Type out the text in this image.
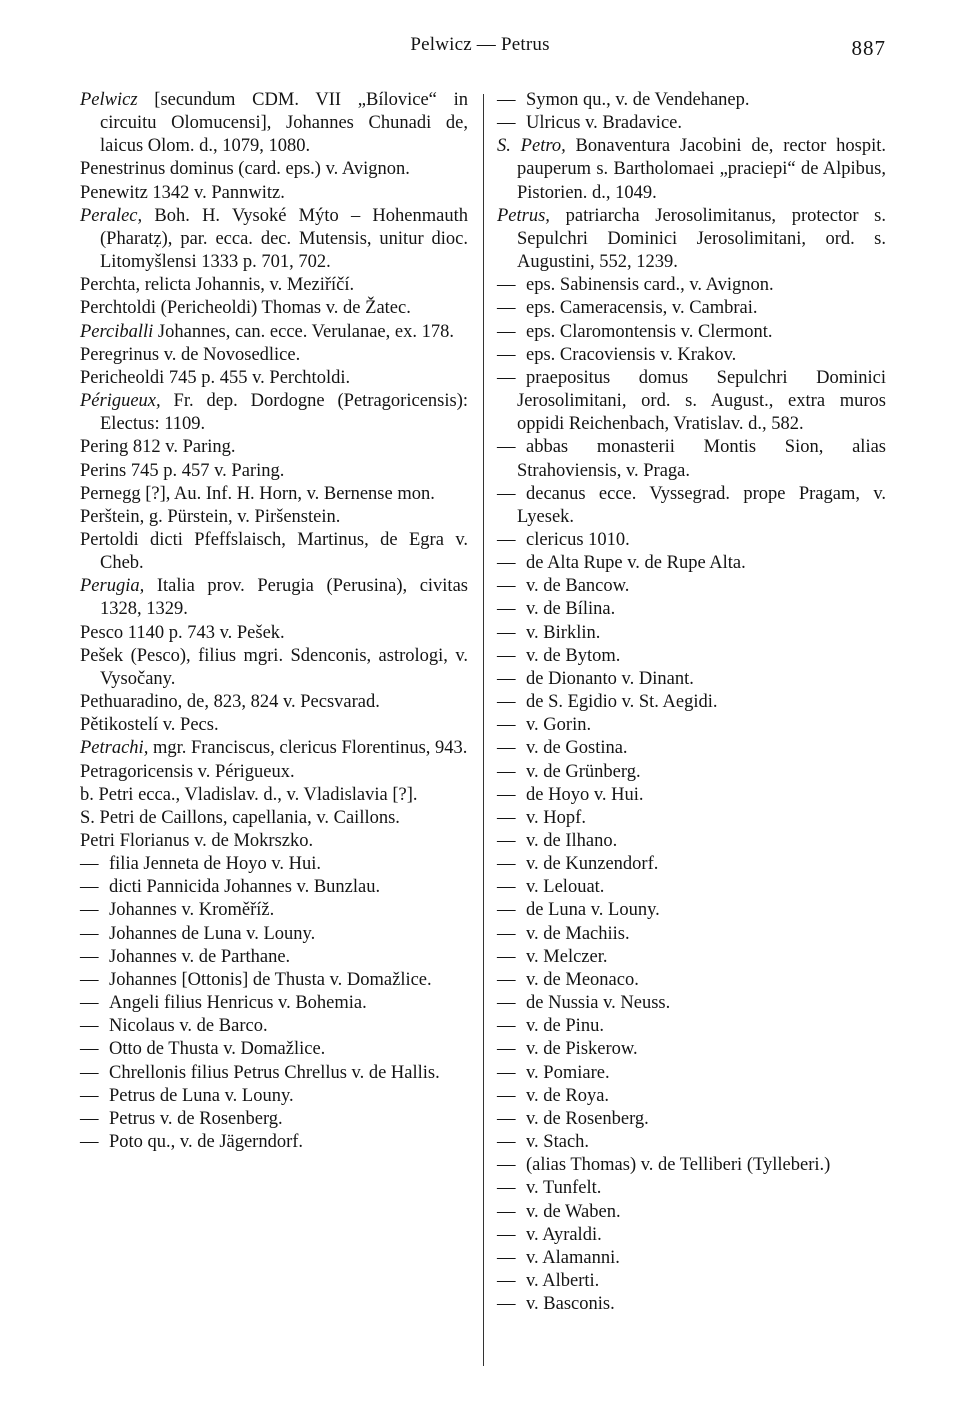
Pelwicz — Petrus	887

Pelwicz [secundum CDM. VII „Bílovice“ in circuitu Olomucensi], Johannes Chunadi de, laicus Olom. d., 1079, 1080.

Penestrinus dominus (card. eps.) v. Avignon.

Penewitz 1342 v. Pannwitz.

Peralec, Boh. H. Vysoké Mýto – Hohenmauth (Pharatẓ), par. ecca. dec. Mutensis, unitur dioc. Litomyšlensi 1333 p. 701, 702.

Perchta, relicta Johannis, v. Meziříčí.

Perchtoldi (Pericheoldi) Thomas v. de Žatec.

Perciballi Johannes, can. ecce. Verulanae, ex. 178.

Peregrinus v. de Novosedlice.

Pericheoldi 745 p. 455 v. Perchtoldi.

Périgueux, Fr. dep. Dordogne (Petragoricensis): Electus: 1109.

Pering 812 v. Paring.

Perins 745 p. 457 v. Paring.

Pernegg [?], Au. Inf. H. Horn, v. Bernense mon.

Perštein, g. Pürstein, v. Piršenstein.

Pertoldi dicti Pfeffslaisch, Martinus, de Egra v. Cheb.

Perugia, Italia prov. Perugia (Perusina), civitas 1328, 1329.

Pesco 1140 p. 743 v. Pešek.

Pešek (Pesco), filius mgri. Sdenconis, astrologi, v. Vysočany.

Pethuaradino, de, 823, 824 v. Pecsvarad.

Pětikostelí v. Pecs.

Petrachi, mgr. Franciscus, clericus Florentinus, 943.

Petragoricensis v. Périgueux.

b. Petri ecca., Vladislav. d., v. Vladislavia [?].

S. Petri de Caillons, capellania, v. Caillons.

Petri Florianus v. de Mokrszko.

— filia Jenneta de Hoyo v. Hui.

— dicti Pannicida Johannes v. Bunzlau.

— Johannes v. Kroměříž.

— Johannes de Luna v. Louny.

— Johannes v. de Parthane.

— Johannes [Ottonis] de Thusta v. Domažlice.

— Angeli filius Henricus v. Bohemia.

— Nicolaus v. de Barco.

— Otto de Thusta v. Domažlice.

— Chrellonis filius Petrus Chrellus v. de Hallis.

— Petrus de Luna v. Louny.

— Petrus v. de Rosenberg.

— Poto qu., v. de Jägerndorf.

— Symon qu., v. de Vendehanep.

— Ulricus v. Bradavice.

S. Petro, Bonaventura Jacobini de, rector hospit. pauperum s. Bartholomaei „praciepi“ de Alpibus, Pistorien. d., 1049.

Petrus, patriarcha Jerosolimitanus, protector s. Sepulchri Dominici Jerosolimitani, ord. s. Augustini, 552, 1239.

— eps. Sabinensis card., v. Avignon.

— eps. Cameracensis, v. Cambrai.

— eps. Claromontensis v. Clermont.

— eps. Cracoviensis v. Krakov.

— praepositus domus Sepulchri Dominici Jerosolimitani, ord. s. August., extra muros oppidi Reichenbach, Vratislav. d., 582.

— abbas monasterii Montis Sion, alias Strahoviensis, v. Praga.

— decanus ecce. Vyssegrad. prope Pragam, v. Lyesek.

— clericus 1010.

— de Alta Rupe v. de Rupe Alta.

— v. de Bancow.

— v. de Bílina.

— v. Birklin.

— v. de Bytom.

— de Dionanto v. Dinant.

— de S. Egidio v. St. Aegidi.

— v. Gorin.

— v. de Gostina.

— v. de Grünberg.

— de Hoyo v. Hui.

— v. Hopf.

— v. de Ilhano.

— v. de Kunzendorf.

— v. Lelouat.

— de Luna v. Louny.

— v. de Machiis.

— v. Melczer.

— v. de Meonaco.

— de Nussia v. Neuss.

— v. de Pinu.

— v. de Piskerow.

— v. Pomiare.

— v. de Roya.

— v. de Rosenberg.

— v. Stach.

— (alias Thomas) v. de Telliberi (Tylleberi.)

— v. Tunfelt.

— v. de Waben.

— v. Ayraldi.

— v. Alamanni.

— v. Alberti.

— v. Basconis.
